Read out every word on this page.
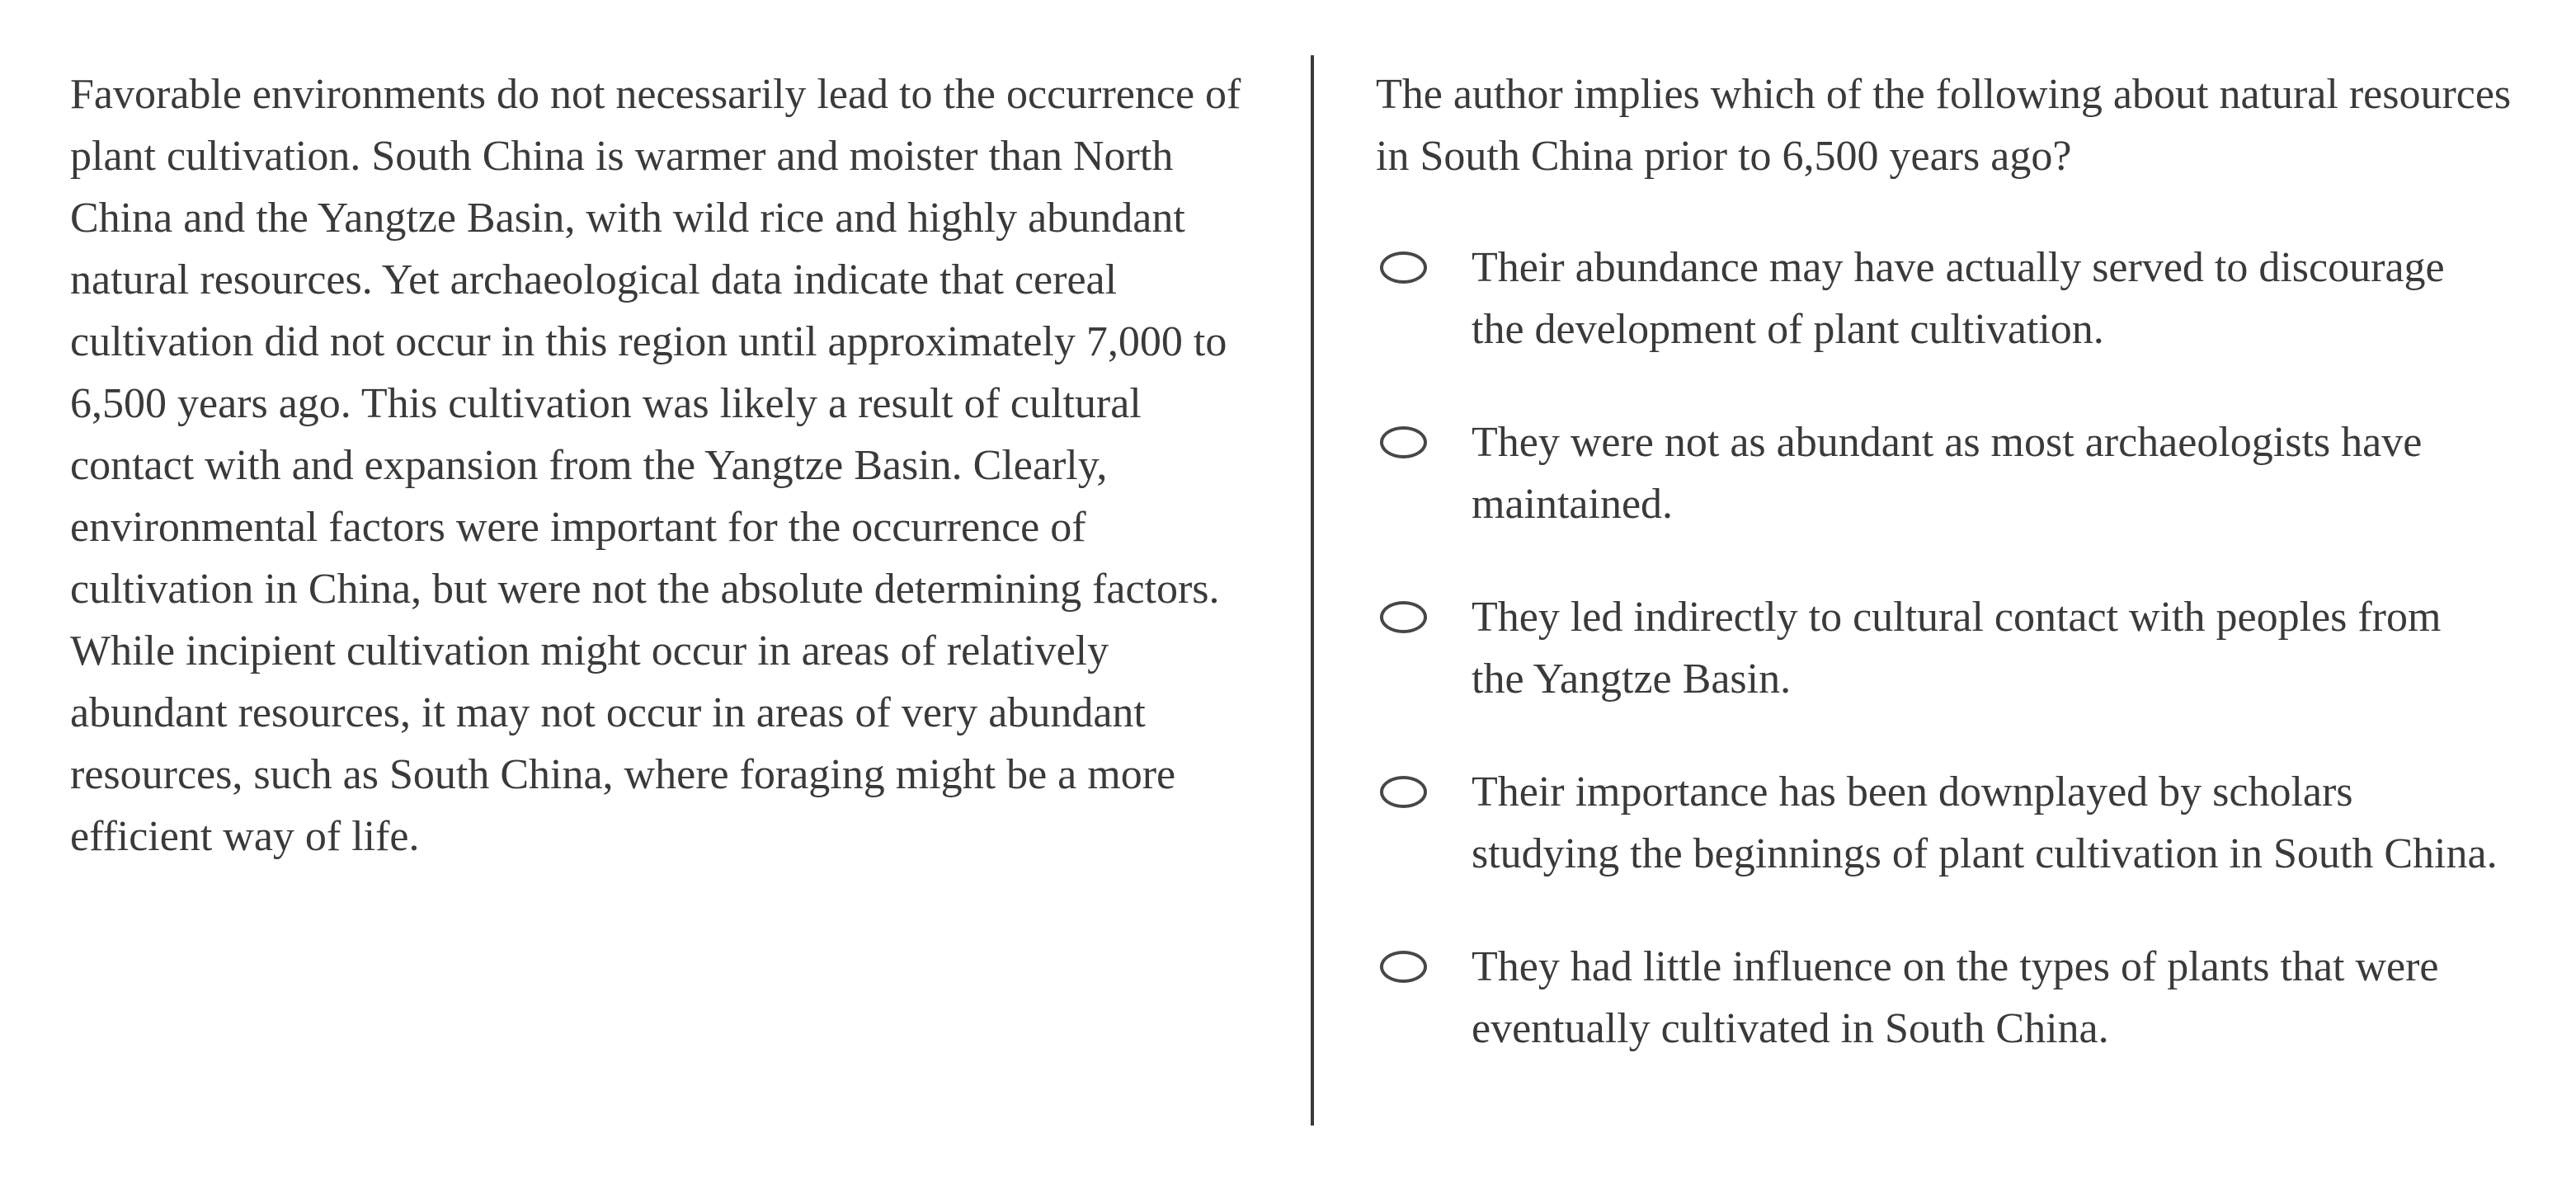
Favorable environments do not necessarily lead to the occurrence of plant cultivation. South China is warmer and moister than North China and the Yangtze Basin, with wild rice and highly abundant natural resources. Yet archaeological data indicate that cereal cultivation did not occur in this region until approximately 7,000 to 6,500 years ago. This cultivation was likely a result of cultural contact with and expansion from the Yangtze Basin. Clearly, environmental factors were important for the occurrence of cultivation in China, but were not the absolute determining factors. While incipient cultivation might occur in areas of relatively abundant resources, it may not occur in areas of very abundant resources, such as South China, where foraging might be a more efficient way of life.

The author implies which of the following about natural resources in South China prior to 6,500 years ago?

Their abundance may have actually served to discourage the development of plant cultivation.
They were not as abundant as most archaeologists have maintained.
They led indirectly to cultural contact with peoples from the Yangtze Basin.
Their importance has been downplayed by scholars studying the beginnings of plant cultivation in South China.
They had little influence on the types of plants that were eventually cultivated in South China.
